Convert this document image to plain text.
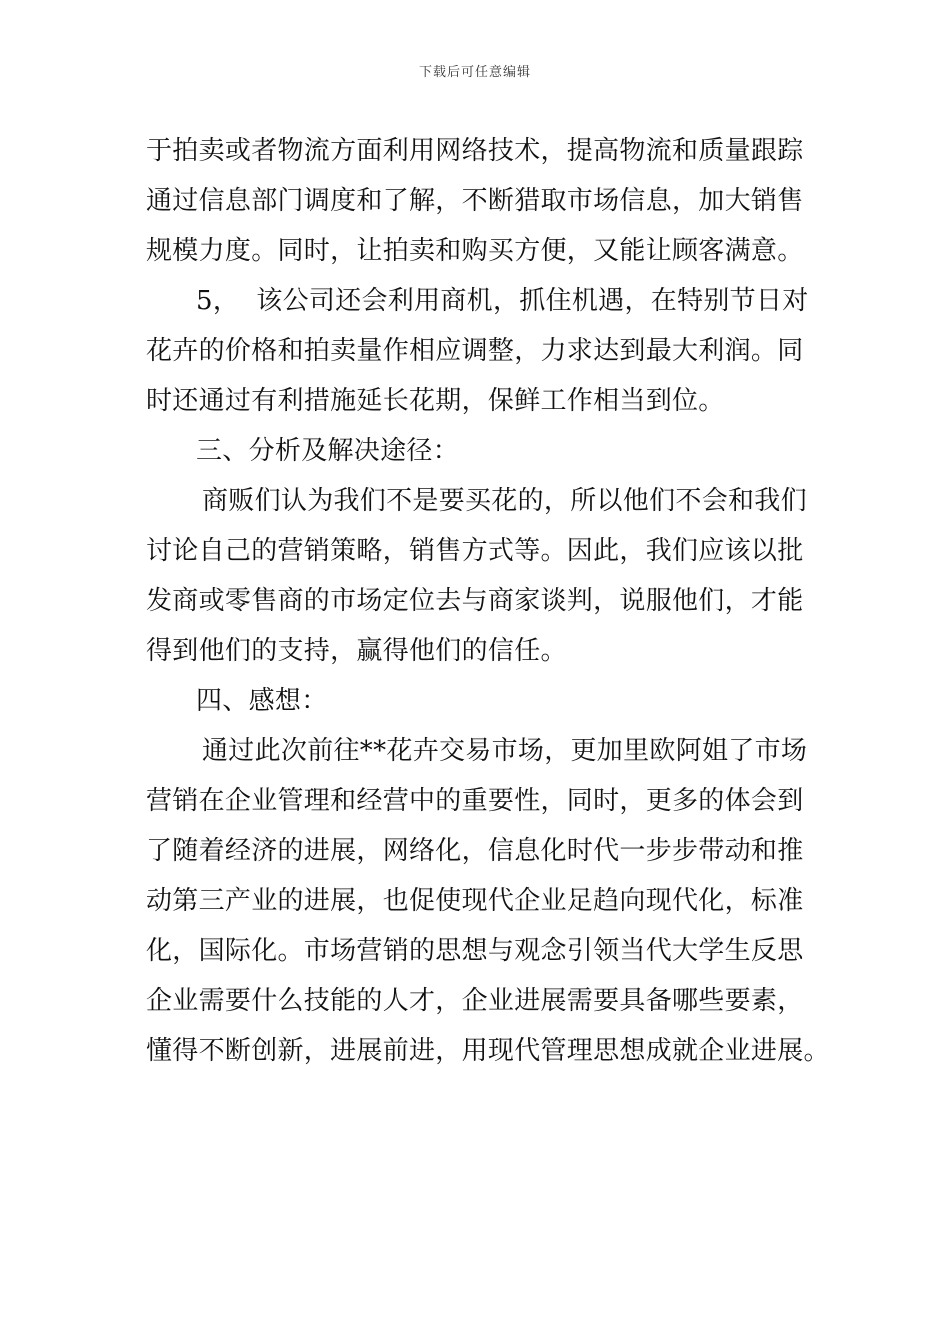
下载后可任意编辑
于拍卖或者物流方面利用网络技术，提高物流和质量跟踪
通过信息部门调度和了解，不断猎取市场信息，加大销售
规模力度。同时，让拍卖和购买方便，又能让顾客满意。
5，  该公司还会利用商机，抓住机遇，在特别节日对
花卉的价格和拍卖量作相应调整，力求达到最大利润。同
时还通过有利措施延长花期，保鲜工作相当到位。
三、分析及解决途径：
商贩们认为我们不是要买花的，所以他们不会和我们
讨论自己的营销策略，销售方式等。因此，我们应该以批
发商或零售商的市场定位去与商家谈判，说服他们，才能
得到他们的支持，赢得他们的信任。
四、感想：
通过此次前往**花卉交易市场，更加里欧阿姐了市场
营销在企业管理和经营中的重要性，同时，更多的体会到
了随着经济的进展，网络化，信息化时代一步步带动和推
动第三产业的进展，也促使现代企业足趋向现代化，标准
化，国际化。市场营销的思想与观念引领当代大学生反思
企业需要什么技能的人才，企业进展需要具备哪些要素，
懂得不断创新，进展前进，用现代管理思想成就企业进展。
